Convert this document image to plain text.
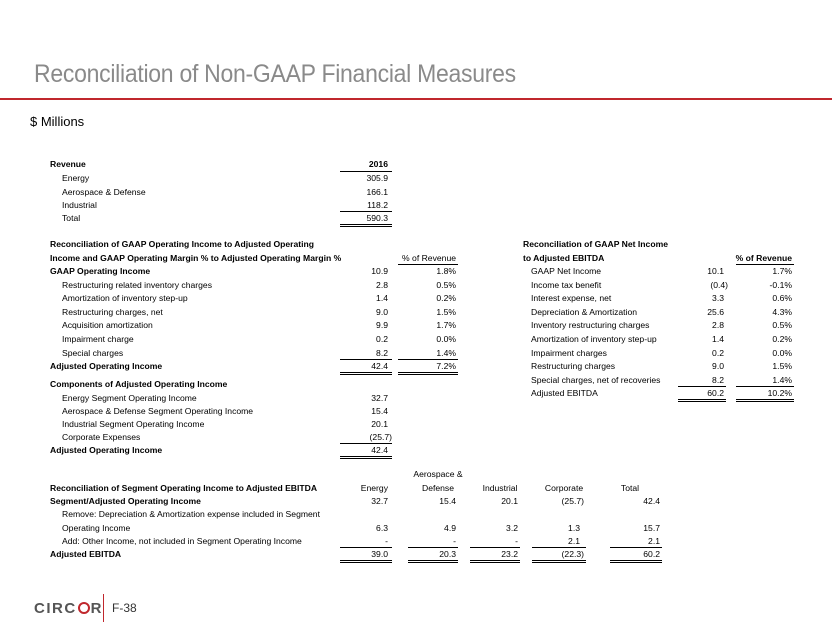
Reconciliation of Non-GAAP Financial Measures
$ Millions
Revenue	2016
Energy	305.9
Aerospace & Defense	166.1
Industrial	118.2
Total	590.3
Reconciliation of GAAP Operating Income to Adjusted Operating
Income and GAAP Operating Margin % to Adjusted Operating Margin %	% of Revenue
GAAP Operating Income	10.9	1.8%
Restructuring related inventory charges	2.8	0.5%
Amortization of inventory step-up	1.4	0.2%
Restructuring charges, net	9.0	1.5%
Acquisition amortization	9.9	1.7%
Impairment charge	0.2	0.0%
Special charges	8.2	1.4%
Adjusted Operating Income	42.4	7.2%
Components of Adjusted Operating Income
Energy Segment Operating Income	32.7
Aerospace & Defense Segment Operating Income	15.4
Industrial Segment Operating Income	20.1
Corporate Expenses	(25.7)
Adjusted Operating Income	42.4
Reconciliation of GAAP Net Income
to Adjusted EBITDA	% of Revenue
GAAP Net Income	10.1	1.7%
Income tax benefit	(0.4)	-0.1%
Interest expense, net	3.3	0.6%
Depreciation & Amortization	25.6	4.3%
Inventory restructuring charges	2.8	0.5%
Amortization of inventory step-up	1.4	0.2%
Impairment charges	0.2	0.0%
Restructuring charges	9.0	1.5%
Special charges, net of recoveries	8.2	1.4%
Adjusted EBITDA	60.2	10.2%
Aerospace &
Reconciliation of Segment Operating Income to Adjusted EBITDA	Energy	Defense	Industrial	Corporate	Total
Segment/Adjusted Operating Income	32.7	15.4	20.1	(25.7)	42.4
Remove: Depreciation & Amortization expense included in Segment
Operating Income	6.3	4.9	3.2	1.3	15.7
Add: Other Income, not included in Segment Operating Income	-	-	-	2.1	2.1
Adjusted EBITDA	39.0	20.3	23.2	(22.3)	60.2
CIRC R F-38
